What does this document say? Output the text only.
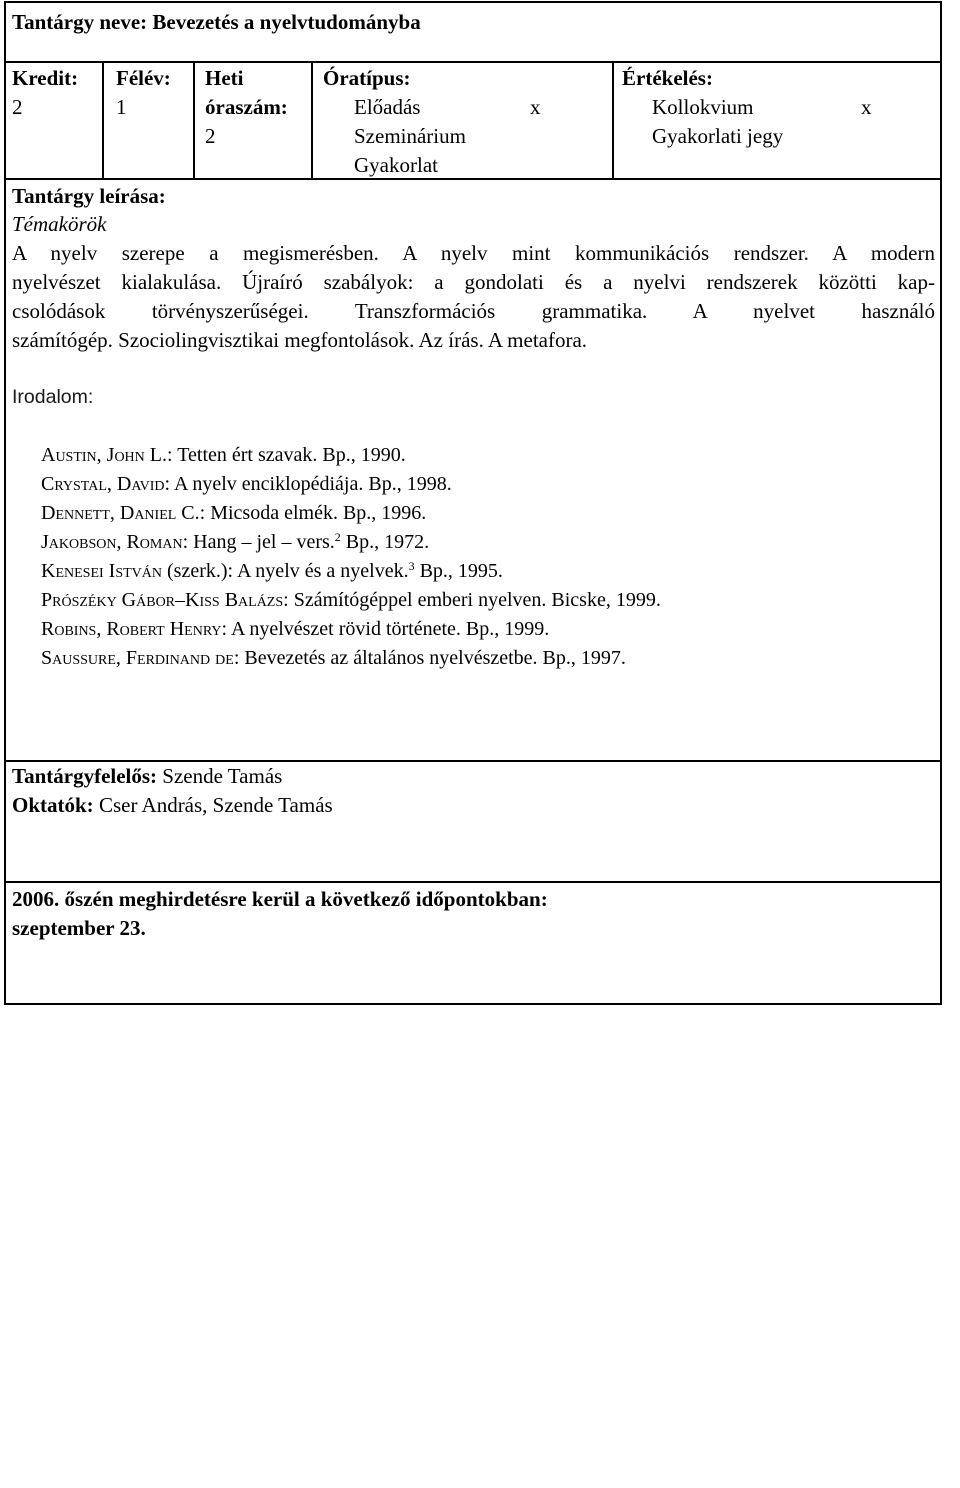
Tantárgy neve: Bevezetés a nyelvtudományba
Kredit:
2
Félév:
1
Heti
óraszám:
2
Óratípus:
Előadás	x
Szeminárium
Gyakorlat
Értékelés:
Kollokvium	x
Gyakorlati jegy
Tantárgy leírása:
Témakörök
A nyelv szerepe a megismerésben. A nyelv mint kommunikációs rendszer. A modern
nyelvészet kialakulása. Újraíró szabályok: a gondolati és a nyelvi rendszerek közötti kap-
csolódások törvényszerűségei. Transzformációs grammatika. A nyelvet használó
számítógép. Szociolingvisztikai megfontolások. Az írás. A metafora.
Irodalom:
Austin, John L.: Tetten ért szavak. Bp., 1990.
Crystal, David: A nyelv enciklopédiája. Bp., 1998.
Dennett, Daniel C.: Micsoda elmék. Bp., 1996.
Jakobson, Roman: Hang – jel – vers.$^2$ Bp., 1972.
Kenesei István (szerk.): A nyelv és a nyelvek.$^3$ Bp., 1995.
Prószéky Gábor–Kiss Balázs: Számítógéppel emberi nyelven. Bicske, 1999.
Robins, Robert Henry: A nyelvészet rövid története. Bp., 1999.
Saussure, Ferdinand de: Bevezetés az általános nyelvészetbe. Bp., 1997.
Tantárgyfelelős: Szende Tamás
Oktatók: Cser András, Szende Tamás
2006. őszén meghirdetésre kerül a következő időpontokban:
szeptember 23.
